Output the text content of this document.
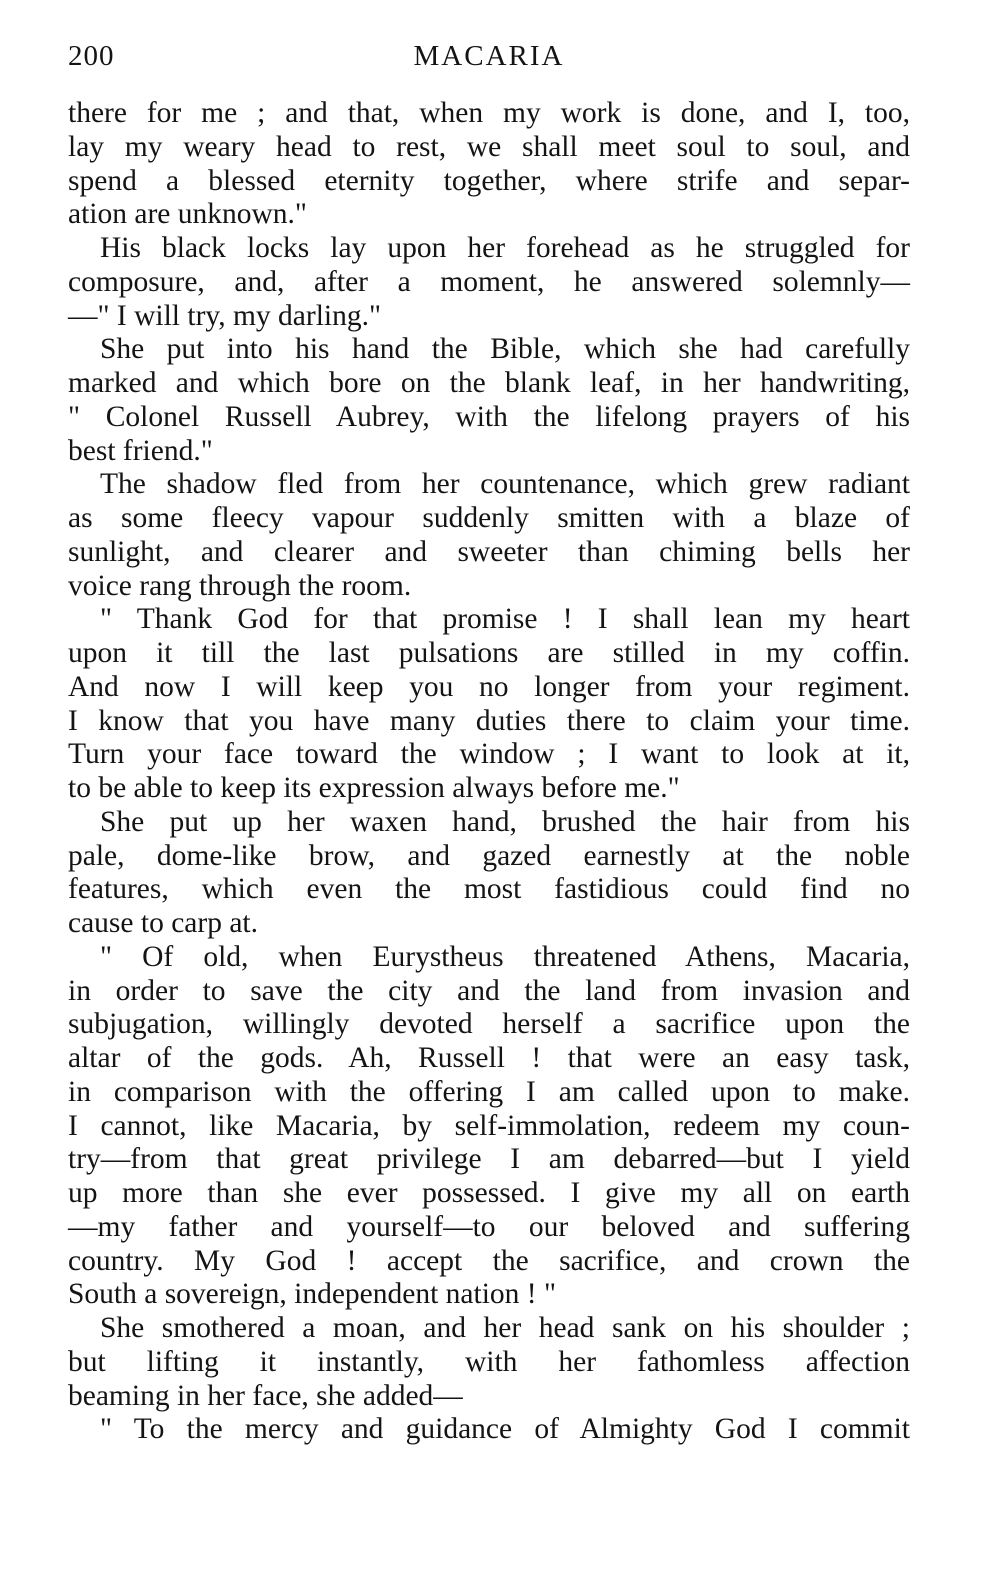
200	MACARIA
there for me ; and that, when my work is done, and I, too,
lay my weary head to rest, we shall meet soul to soul, and
spend a blessed eternity together, where strife and separ-
ation are unknown."
His black locks lay upon her forehead as he struggled for
composure, and, after a moment, he answered solemnly—
—" I will try, my darling."
She put into his hand the Bible, which she had carefully
marked and which bore on the blank leaf, in her handwriting,
" Colonel Russell Aubrey, with the lifelong prayers of his
best friend."
The shadow fled from her countenance, which grew radiant
as some fleecy vapour suddenly smitten with a blaze of
sunlight, and clearer and sweeter than chiming bells her
voice rang through the room.
" Thank God for that promise ! I shall lean my heart
upon it till the last pulsations are stilled in my coffin.
And now I will keep you no longer from your regiment.
I know that you have many duties there to claim your time.
Turn your face toward the window ; I want to look at it,
to be able to keep its expression always before me."
She put up her waxen hand, brushed the hair from his
pale, dome-like brow, and gazed earnestly at the noble
features, which even the most fastidious could find no
cause to carp at.
" Of old, when Eurystheus threatened Athens, Macaria,
in order to save the city and the land from invasion and
subjugation, willingly devoted herself a sacrifice upon the
altar of the gods. Ah, Russell ! that were an easy task,
in comparison with the offering I am called upon to make.
I cannot, like Macaria, by self-immolation, redeem my coun-
try—from that great privilege I am debarred—but I yield
up more than she ever possessed. I give my all on earth
—my father and yourself—to our beloved and suffering
country. My God ! accept the sacrifice, and crown the
South a sovereign, independent nation ! "
She smothered a moan, and her head sank on his shoulder ;
but lifting it instantly, with her fathomless affection
beaming in her face, she added—
" To the mercy and guidance of Almighty God I commit
